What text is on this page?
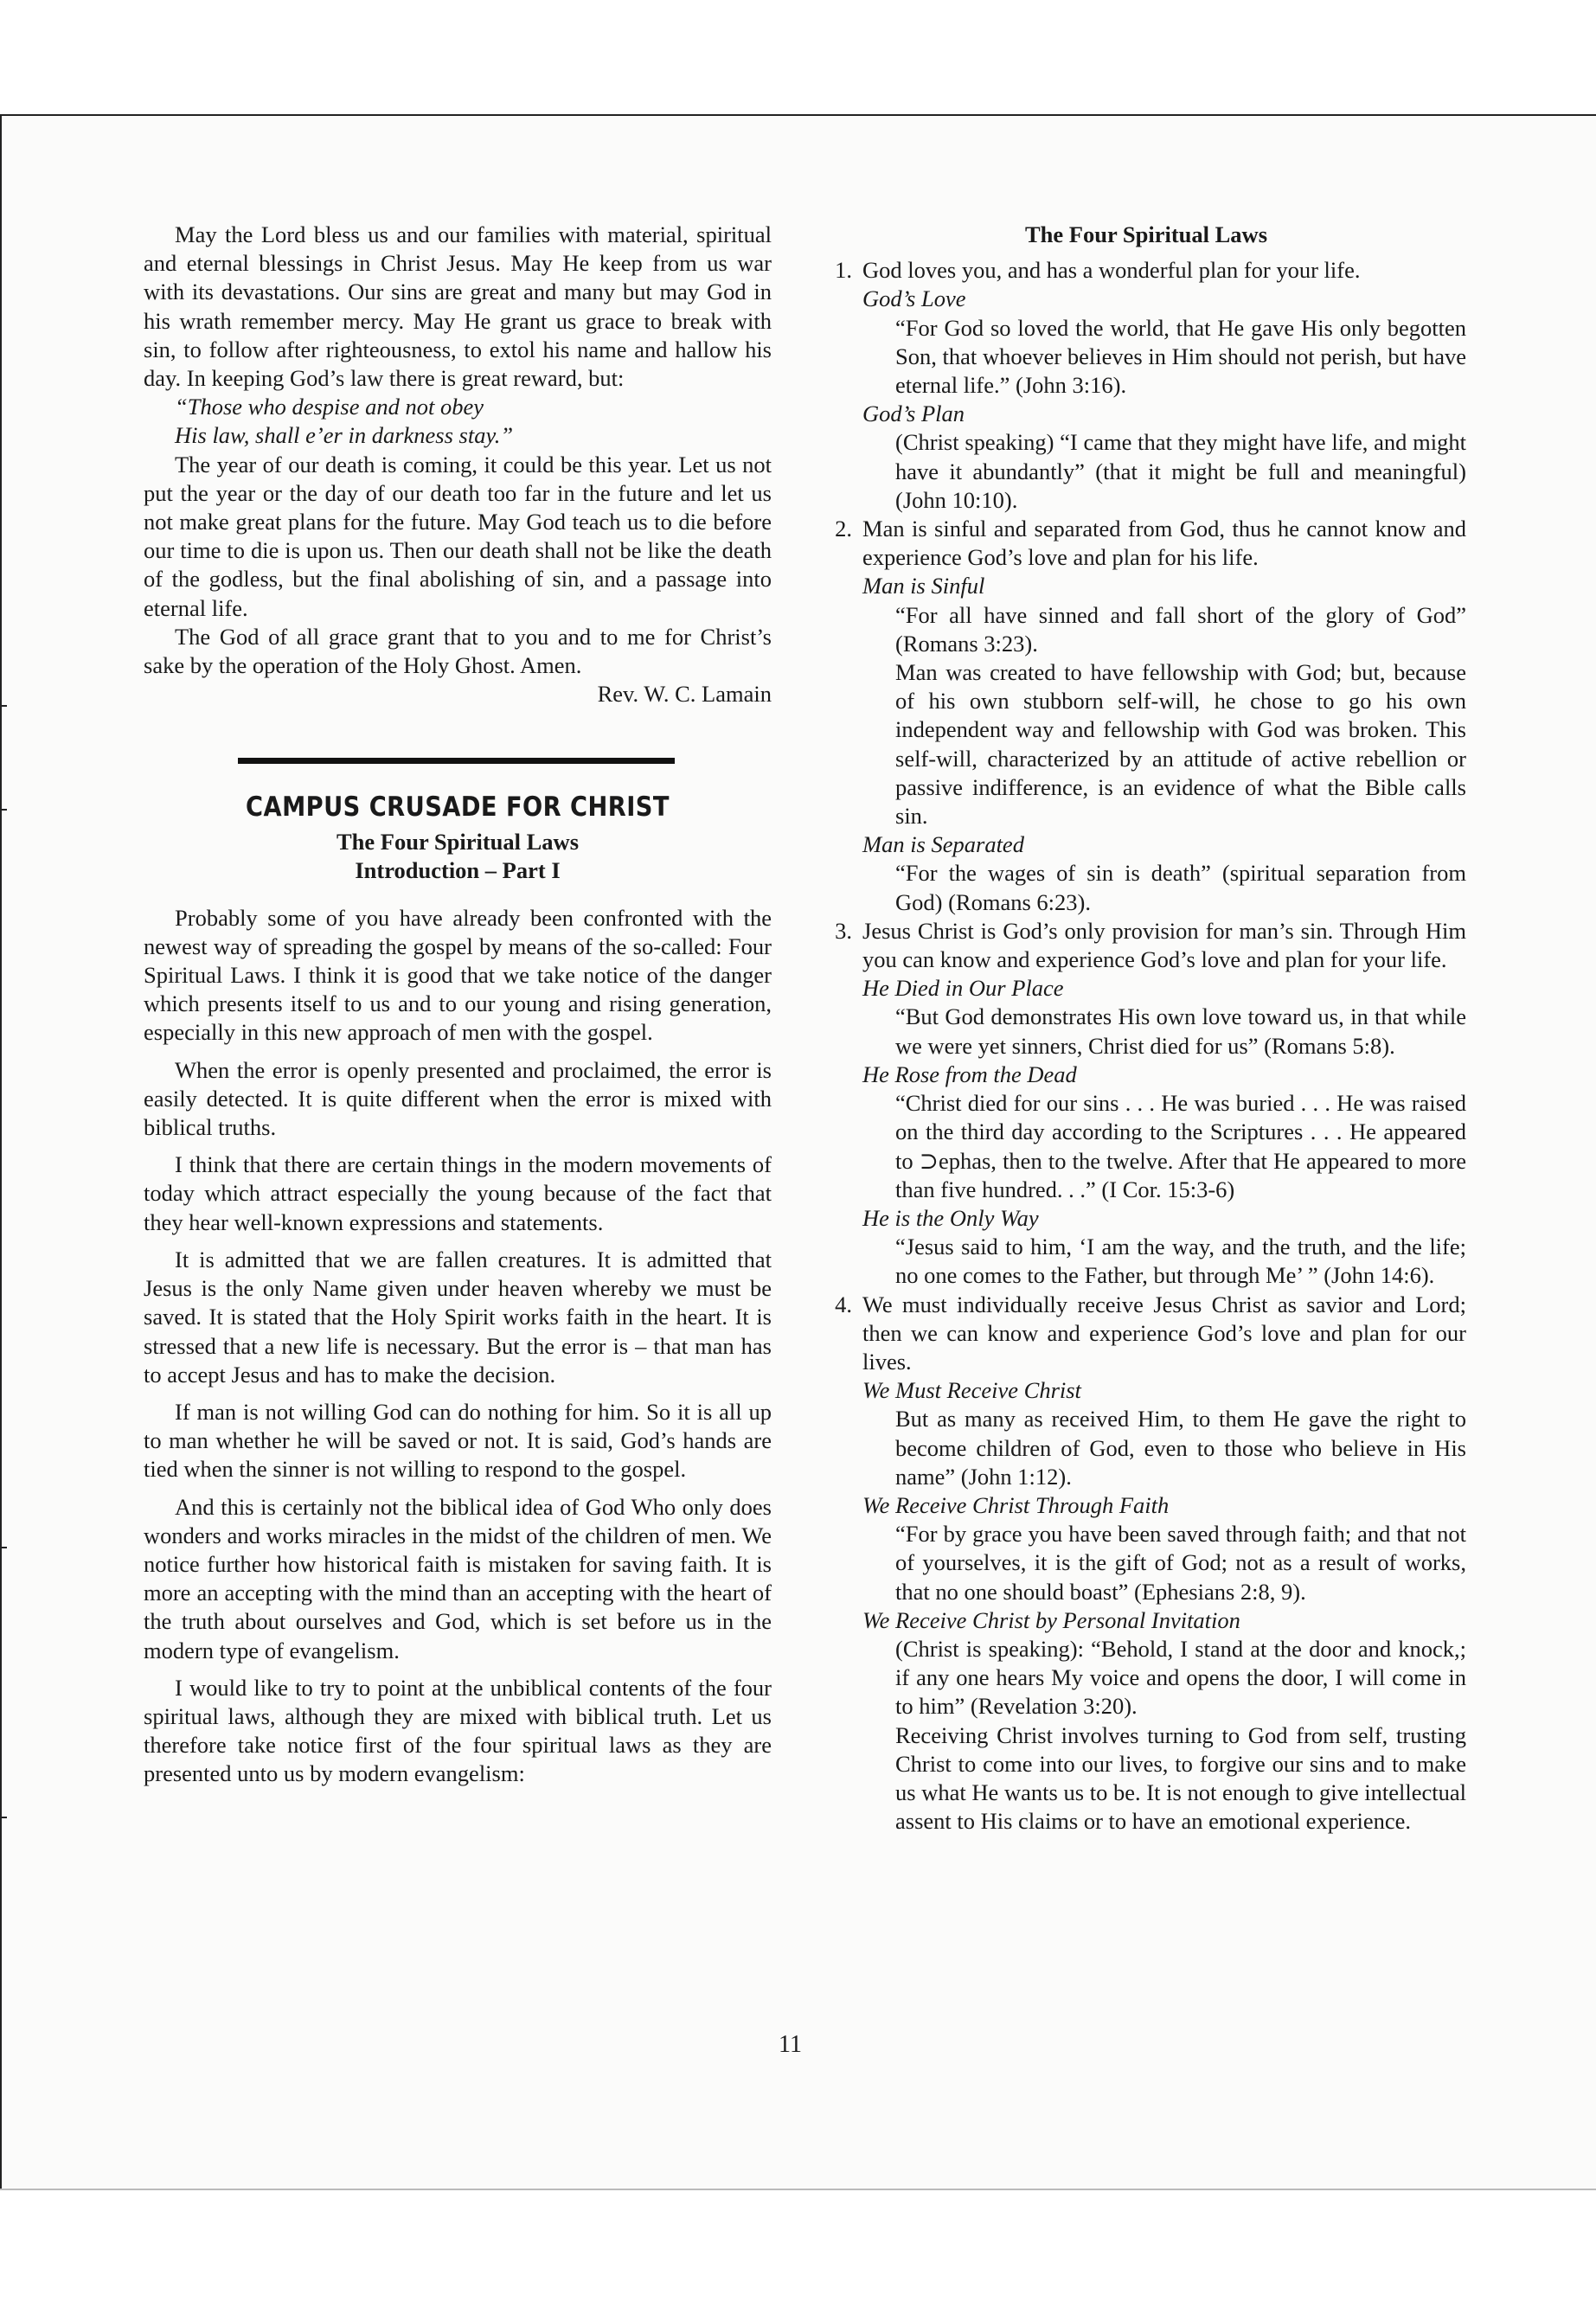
May the Lord bless us and our families with material, spiritual and eternal blessings in Christ Jesus. May He keep from us war with its devastations. Our sins are great and many but may God in his wrath remember mercy. May He grant us grace to break with sin, to follow after righteousness, to extol his name and hallow his day. In keeping God’s law there is great reward, but:

“Those who despise and not obey

His law, shall e’er in darkness stay.”

The year of our death is coming, it could be this year. Let us not put the year or the day of our death too far in the future and let us not make great plans for the future. May God teach us to die before our time to die is upon us. Then our death shall not be like the death of the godless, but the final abolishing of sin, and a passage into eternal life.

The God of all grace grant that to you and to me for Christ’s sake by the operation of the Holy Ghost. Amen.

Rev. W. C. Lamain

CAMPUS CRUSADE FOR CHRIST

The Four Spiritual Laws

Introduction – Part I

Probably some of you have already been confronted with the newest way of spreading the gospel by means of the so-called: Four Spiritual Laws. I think it is good that we take notice of the danger which presents itself to us and to our young and rising generation, especially in this new approach of men with the gospel.

When the error is openly presented and proclaimed, the error is easily detected. It is quite different when the error is mixed with biblical truths.

I think that there are certain things in the modern movements of today which attract especially the young because of the fact that they hear well-known expressions and statements.

It is admitted that we are fallen creatures. It is admitted that Jesus is the only Name given under heaven whereby we must be saved. It is stated that the Holy Spirit works faith in the heart. It is stressed that a new life is necessary. But the error is – that man has to accept Jesus and has to make the decision.

If man is not willing God can do nothing for him. So it is all up to man whether he will be saved or not. It is said, God’s hands are tied when the sinner is not willing to respond to the gospel.

And this is certainly not the biblical idea of God Who only does wonders and works miracles in the midst of the children of men. We notice further how historical faith is mistaken for saving faith. It is more an accepting with the mind than an accepting with the heart of the truth about ourselves and God, which is set before us in the modern type of evangelism.

I would like to try to point at the unbiblical contents of the four spiritual laws, although they are mixed with biblical truth. Let us therefore take notice first of the four spiritual laws as they are presented unto us by modern evangelism:

The Four Spiritual Laws

1. God loves you, and has a wonderful plan for your life.

God’s Love

“For God so loved the world, that He gave His only begotten Son, that whoever believes in Him should not perish, but have eternal life.” (John 3:16).

God’s Plan

(Christ speaking) “I came that they might have life, and might have it abundantly” (that it might be full and meaningful) (John 10:10).

2. Man is sinful and separated from God, thus he cannot know and experience God’s love and plan for his life.

Man is Sinful

“For all have sinned and fall short of the glory of God” (Romans 3:23).

Man was created to have fellowship with God; but, because of his own stubborn self-will, he chose to go his own independent way and fellowship with God was broken. This self-will, characterized by an attitude of active rebellion or passive indifference, is an evidence of what the Bible calls sin.

Man is Separated

“For the wages of sin is death” (spiritual separation from God) (Romans 6:23).

3. Jesus Christ is God’s only provision for man’s sin. Through Him you can know and experience God’s love and plan for your life.

He Died in Our Place

“But God demonstrates His own love toward us, in that while we were yet sinners, Christ died for us” (Romans 5:8).

He Rose from the Dead

“Christ died for our sins . . . He was buried . . . He was raised on the third day according to the Scriptures . . . He appeared to ⊃ephas, then to the twelve. After that He appeared to more than five hundred. . .” (I Cor. 15:3-6)

He is the Only Way

“Jesus said to him, ‘I am the way, and the truth, and the life; no one comes to the Father, but through Me’ ” (John 14:6).

4. We must individually receive Jesus Christ as savior and Lord; then we can know and experience God’s love and plan for our lives.

We Must Receive Christ

But as many as received Him, to them He gave the right to become children of God, even to those who believe in His name” (John 1:12).

We Receive Christ Through Faith

“For by grace you have been saved through faith; and that not of yourselves, it is the gift of God; not as a result of works, that no one should boast” (Ephesians 2:8, 9).

We Receive Christ by Personal Invitation

(Christ is speaking): “Behold, I stand at the door and knock,; if any one hears My voice and opens the door, I will come in to him” (Revelation 3:20).

Receiving Christ involves turning to God from self, trusting Christ to come into our lives, to forgive our sins and to make us what He wants us to be. It is not enough to give intellectual assent to His claims or to have an emotional experience.

11
